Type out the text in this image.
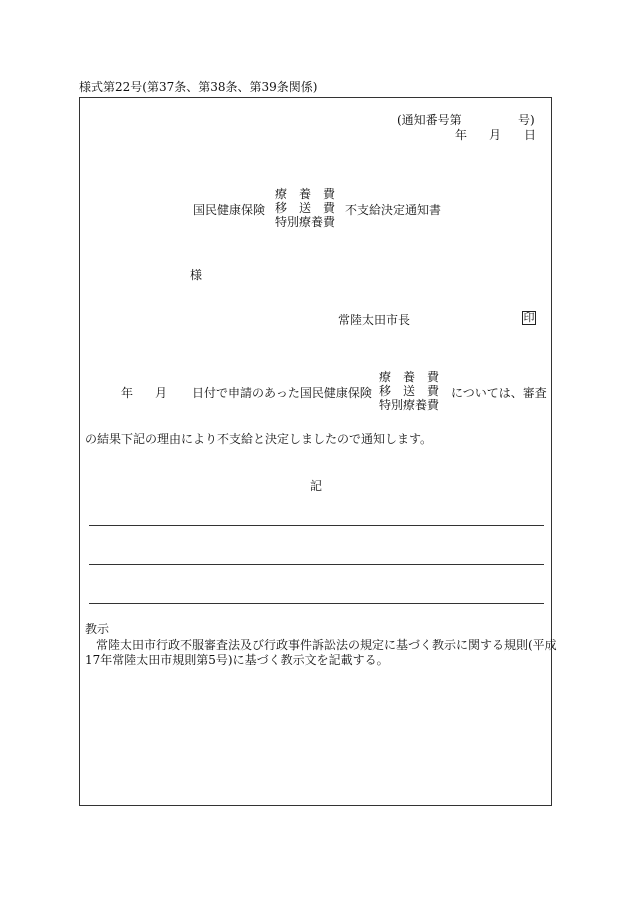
様式第22号(第37条、第38条、第39条関係)
(通知番号第	号)
年 月 日
国民健康保険
療　養　費
移　送　費
特別療養費
不支給決定通知書
様
常陸太田市長	印
年 月 日付で申請のあった国民健康保険
療　養　費
移　送　費
特別療養費
については、審査
の結果下記の理由により不支給と決定しましたので通知します。
記
教示
常陸太田市行政不服審査法及び行政事件訴訟法の規定に基づく教示に関する規則(平成
17年常陸太田市規則第5号)に基づく教示文を記載する。
